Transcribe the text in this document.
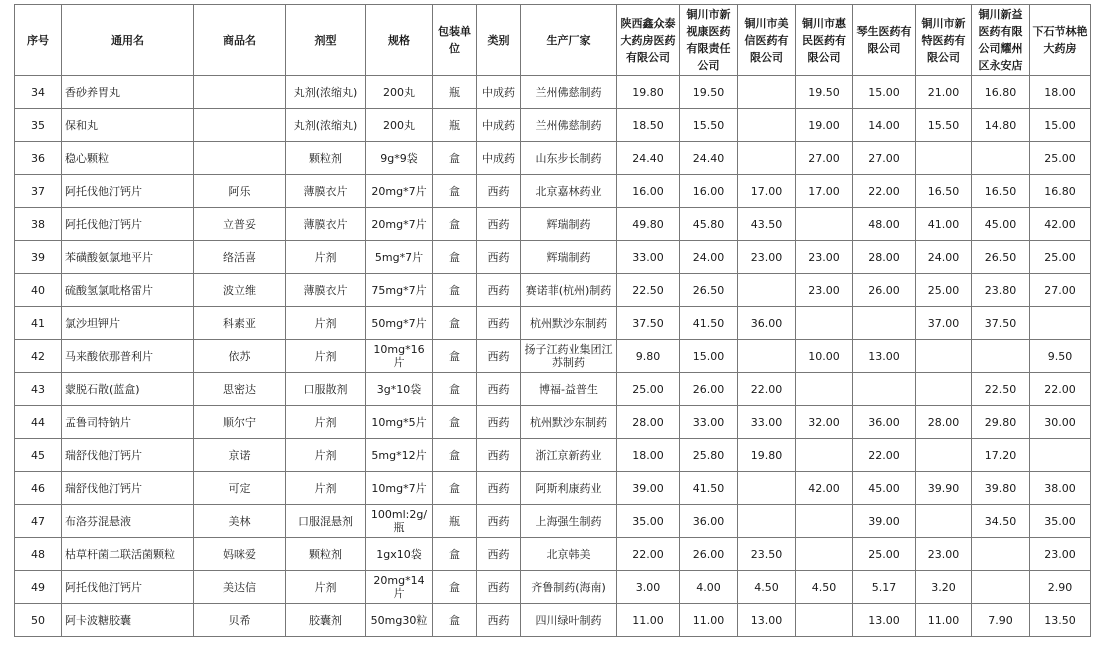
序号	通用名	商品名	剂型	规格	包装单位	类别	生产厂家	陕西鑫众泰大药房医药有限公司	铜川市新视康医药有限责任公司	铜川市美信医药有限公司	铜川市惠民医药有限公司	琴生医药有限公司	铜川市新特医药有限公司	铜川新益医药有限公司耀州区永安店	下石节林艳大药房
34	香砂养胃丸		丸剂(浓缩丸)	200丸	瓶	中成药	兰州佛慈制药	19.80	19.50		19.50	15.00	21.00	16.80	18.00
35	保和丸		丸剂(浓缩丸)	200丸	瓶	中成药	兰州佛慈制药	18.50	15.50		19.00	14.00	15.50	14.80	15.00
36	稳心颗粒		颗粒剂	9g*9袋	盒	中成药	山东步长制药	24.40	24.40		27.00	27.00			25.00
37	阿托伐他汀钙片	阿乐	薄膜衣片	20mg*7片	盒	西药	北京嘉林药业	16.00	16.00	17.00	17.00	22.00	16.50	16.50	16.80
38	阿托伐他汀钙片	立普妥	薄膜衣片	20mg*7片	盒	西药	辉瑞制药	49.80	45.80	43.50		48.00	41.00	45.00	42.00
39	苯磺酸氨氯地平片	络活喜	片剂	5mg*7片	盒	西药	辉瑞制药	33.00	24.00	23.00	23.00	28.00	24.00	26.50	25.00
40	硫酸氢氯吡格雷片	波立维	薄膜衣片	75mg*7片	盒	西药	赛诺菲(杭州)制药	22.50	26.50		23.00	26.00	25.00	23.80	27.00
41	氯沙坦钾片	科素亚	片剂	50mg*7片	盒	西药	杭州默沙东制药	37.50	41.50	36.00			37.00	37.50	
42	马来酸依那普利片	依苏	片剂	10mg*16片	盒	西药	扬子江药业集团江苏制药	9.80	15.00		10.00	13.00			9.50
43	蒙脱石散(蓝盒)	思密达	口服散剂	3g*10袋	盒	西药	博福-益普生	25.00	26.00	22.00				22.50	22.00
44	孟鲁司特钠片	顺尔宁	片剂	10mg*5片	盒	西药	杭州默沙东制药	28.00	33.00	33.00	32.00	36.00	28.00	29.80	30.00
45	瑞舒伐他汀钙片	京诺	片剂	5mg*12片	盒	西药	浙江京新药业	18.00	25.80	19.80		22.00		17.20	
46	瑞舒伐他汀钙片	可定	片剂	10mg*7片	盒	西药	阿斯利康药业	39.00	41.50		42.00	45.00	39.90	39.80	38.00
47	布洛芬混悬液	美林	口服混悬剂	100ml:2g/瓶	瓶	西药	上海强生制药	35.00	36.00			39.00		34.50	35.00
48	枯草杆菌二联活菌颗粒	妈咪爱	颗粒剂	1gx10袋	盒	西药	北京韩美	22.00	26.00	23.50		25.00	23.00		23.00
49	阿托伐他汀钙片	美达信	片剂	20mg*14片	盒	西药	齐鲁制药(海南)	3.00	4.00	4.50	4.50	5.17	3.20		2.90
50	阿卡波糖胶囊	贝希	胶囊剂	50mg30粒	盒	西药	四川绿叶制药	11.00	11.00	13.00		13.00	11.00	7.90	13.50
